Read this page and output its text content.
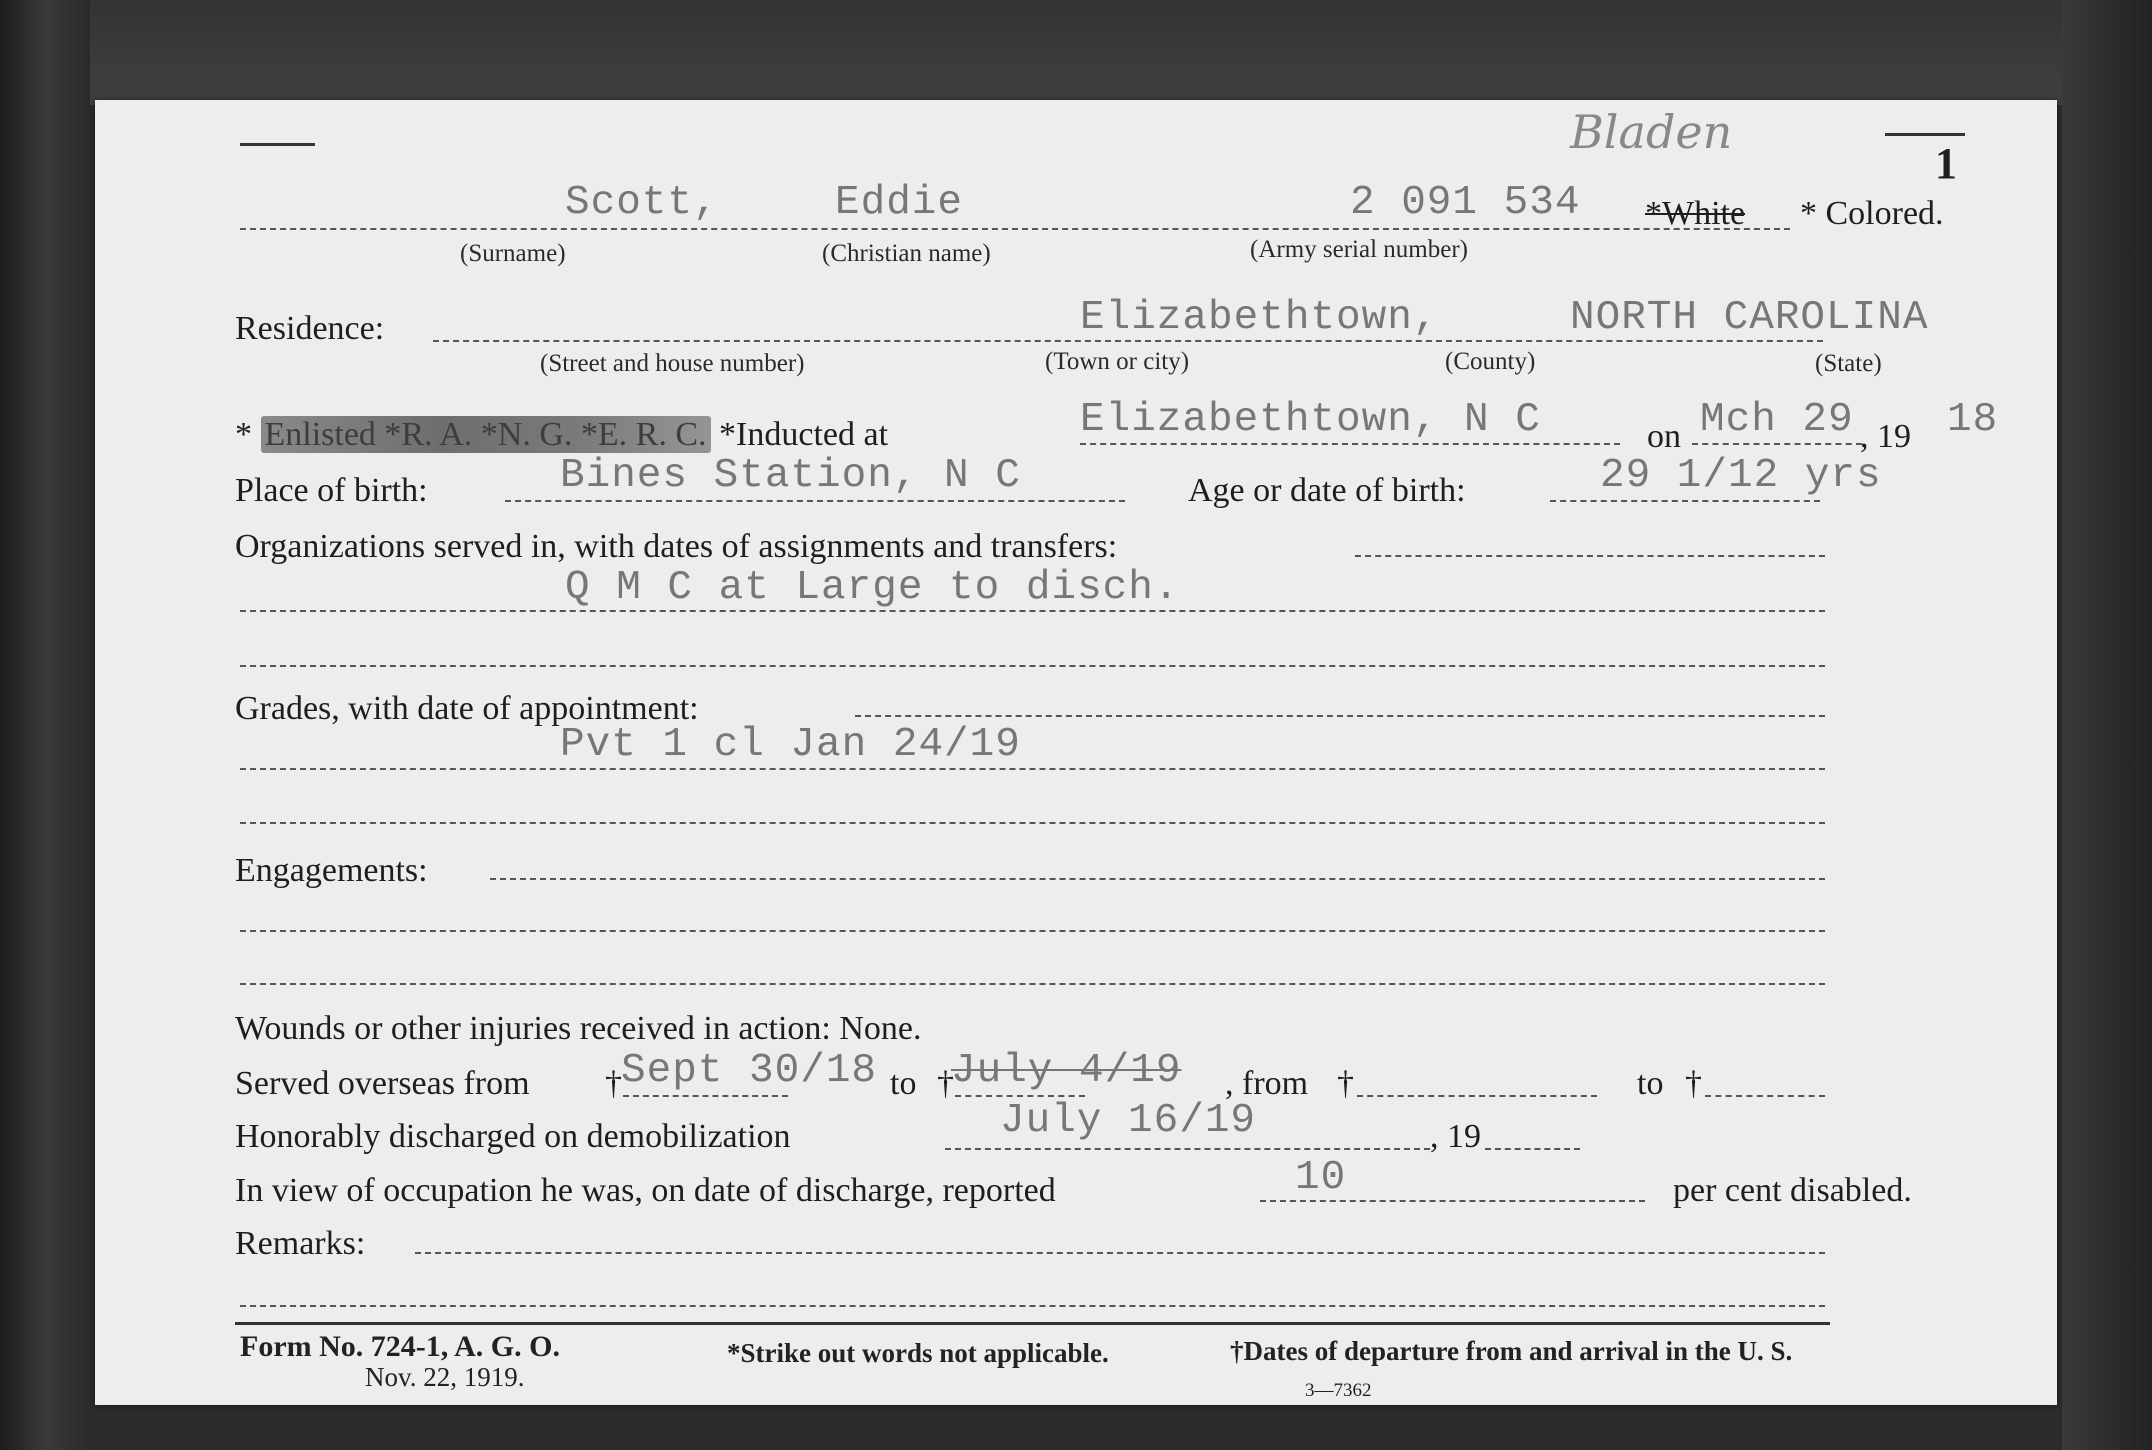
Bladen
1
Scott,	Eddie	2 091 534 *White * Colored.
(Surname)	(Christian name)	(Army serial number)
Residence:	Elizabethtown,	NORTH CAROLINA
(Street and house number)	(Town or city)	(County)	(State)
* Enlisted *R. A. *N. G. *E. R. C. *Inducted at	Elizabethtown, N C	on Mch 29 , 19 18
Place of birth:	Bines Station, N C	Age or date of birth:	29 1/12 yrs
Organizations served in, with dates of assignments and transfers:
Q M C at Large to disch.
Grades, with date of appointment:
Pvt 1 cl Jan 24/19
Engagements:
Wounds or other injuries received in action: None.
Served overseas from † Sept 30/18 to †
July 4/19 , from †	to †
Honorably discharged on demobilization	July 16/19	, 19
In view of occupation he was, on date of discharge, reported	10	per cent disabled.
Remarks:
Form No. 724-1, A. G. O.
Nov. 22, 1919.
*Strike out words not applicable.	†Dates of departure from and arrival in the U. S.
3—7362
